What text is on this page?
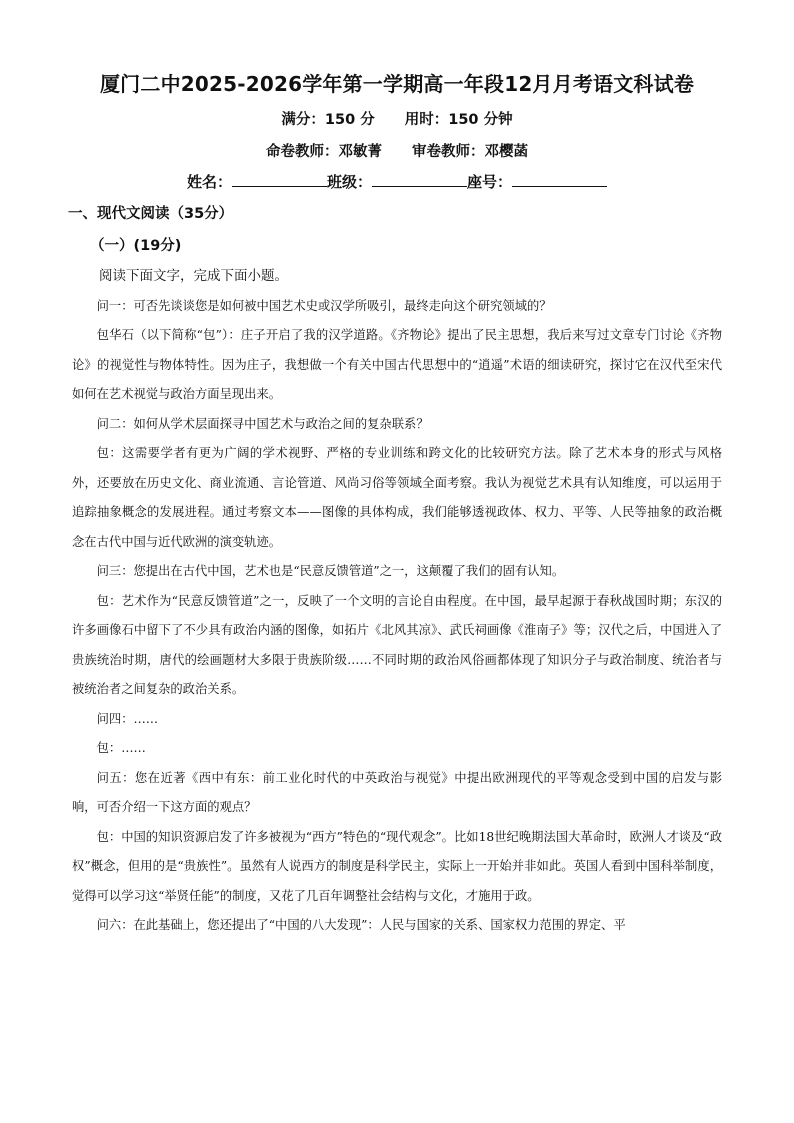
厦门二中2025-2026学年第一学期高一年段12月月考语文科试卷
满分：150 分 用时：150 分钟
命卷教师：邓敏菁 审卷教师：邓樱菡
姓名：	班级：	座号：
一、现代文阅读（35分）
（一）(19分)

阅读下面文字，完成下面小题。

问一：可否先谈谈您是如何被中国艺术史或汉学所吸引，最终走向这个研究领域的？

包华石（以下简称“包”）：庄子开启了我的汉学道路。《齐物论》提出了民主思想，我后来写过文章专门讨论《齐物论》的视觉性与物体特性。因为庄子，我想做一个有关中国古代思想中的“逍遥”术语的细读研究，探讨它在汉代至宋代如何在艺术视觉与政治方面呈现出来。

问二：如何从学术层面探寻中国艺术与政治之间的复杂联系？

包：这需要学者有更为广阔的学术视野、严格的专业训练和跨文化的比较研究方法。除了艺术本身的形式与风格外，还要放在历史文化、商业流通、言论管道、风尚习俗等领域全面考察。我认为视觉艺术具有认知维度，可以运用于追踪抽象概念的发展进程。通过考察文本——图像的具体构成，我们能够透视政体、权力、平等、人民等抽象的政治概念在古代中国与近代欧洲的演变轨迹。

问三：您提出在古代中国，艺术也是“民意反馈管道”之一，这颠覆了我们的固有认知。

包：艺术作为“民意反馈管道”之一，反映了一个文明的言论自由程度。在中国，最早起源于春秋战国时期；东汉的许多画像石中留下了不少具有政治内涵的图像，如拓片《北风其凉》、武氏祠画像《淮南子》等；汉代之后，中国进入了贵族统治时期，唐代的绘画题材大多限于贵族阶级……不同时期的政治风俗画都体现了知识分子与政治制度、统治者与被统治者之间复杂的政治关系。

问四：……

包：……

问五：您在近著《西中有东：前工业化时代的中英政治与视觉》中提出欧洲现代的平等观念受到中国的启发与影响，可否介绍一下这方面的观点？

包：中国的知识资源启发了许多被视为“西方”特色的“现代观念”。比如18世纪晚期法国大革命时，欧洲人才谈及“政权”概念，但用的是“贵族性”。虽然有人说西方的制度是科学民主，实际上一开始并非如此。英国人看到中国科举制度，觉得可以学习这“举贤任能”的制度，又花了几百年调整社会结构与文化，才施用于政。

问六：在此基础上，您还提出了“中国的八大发现”：人民与国家的关系、国家权力范围的界定、平
